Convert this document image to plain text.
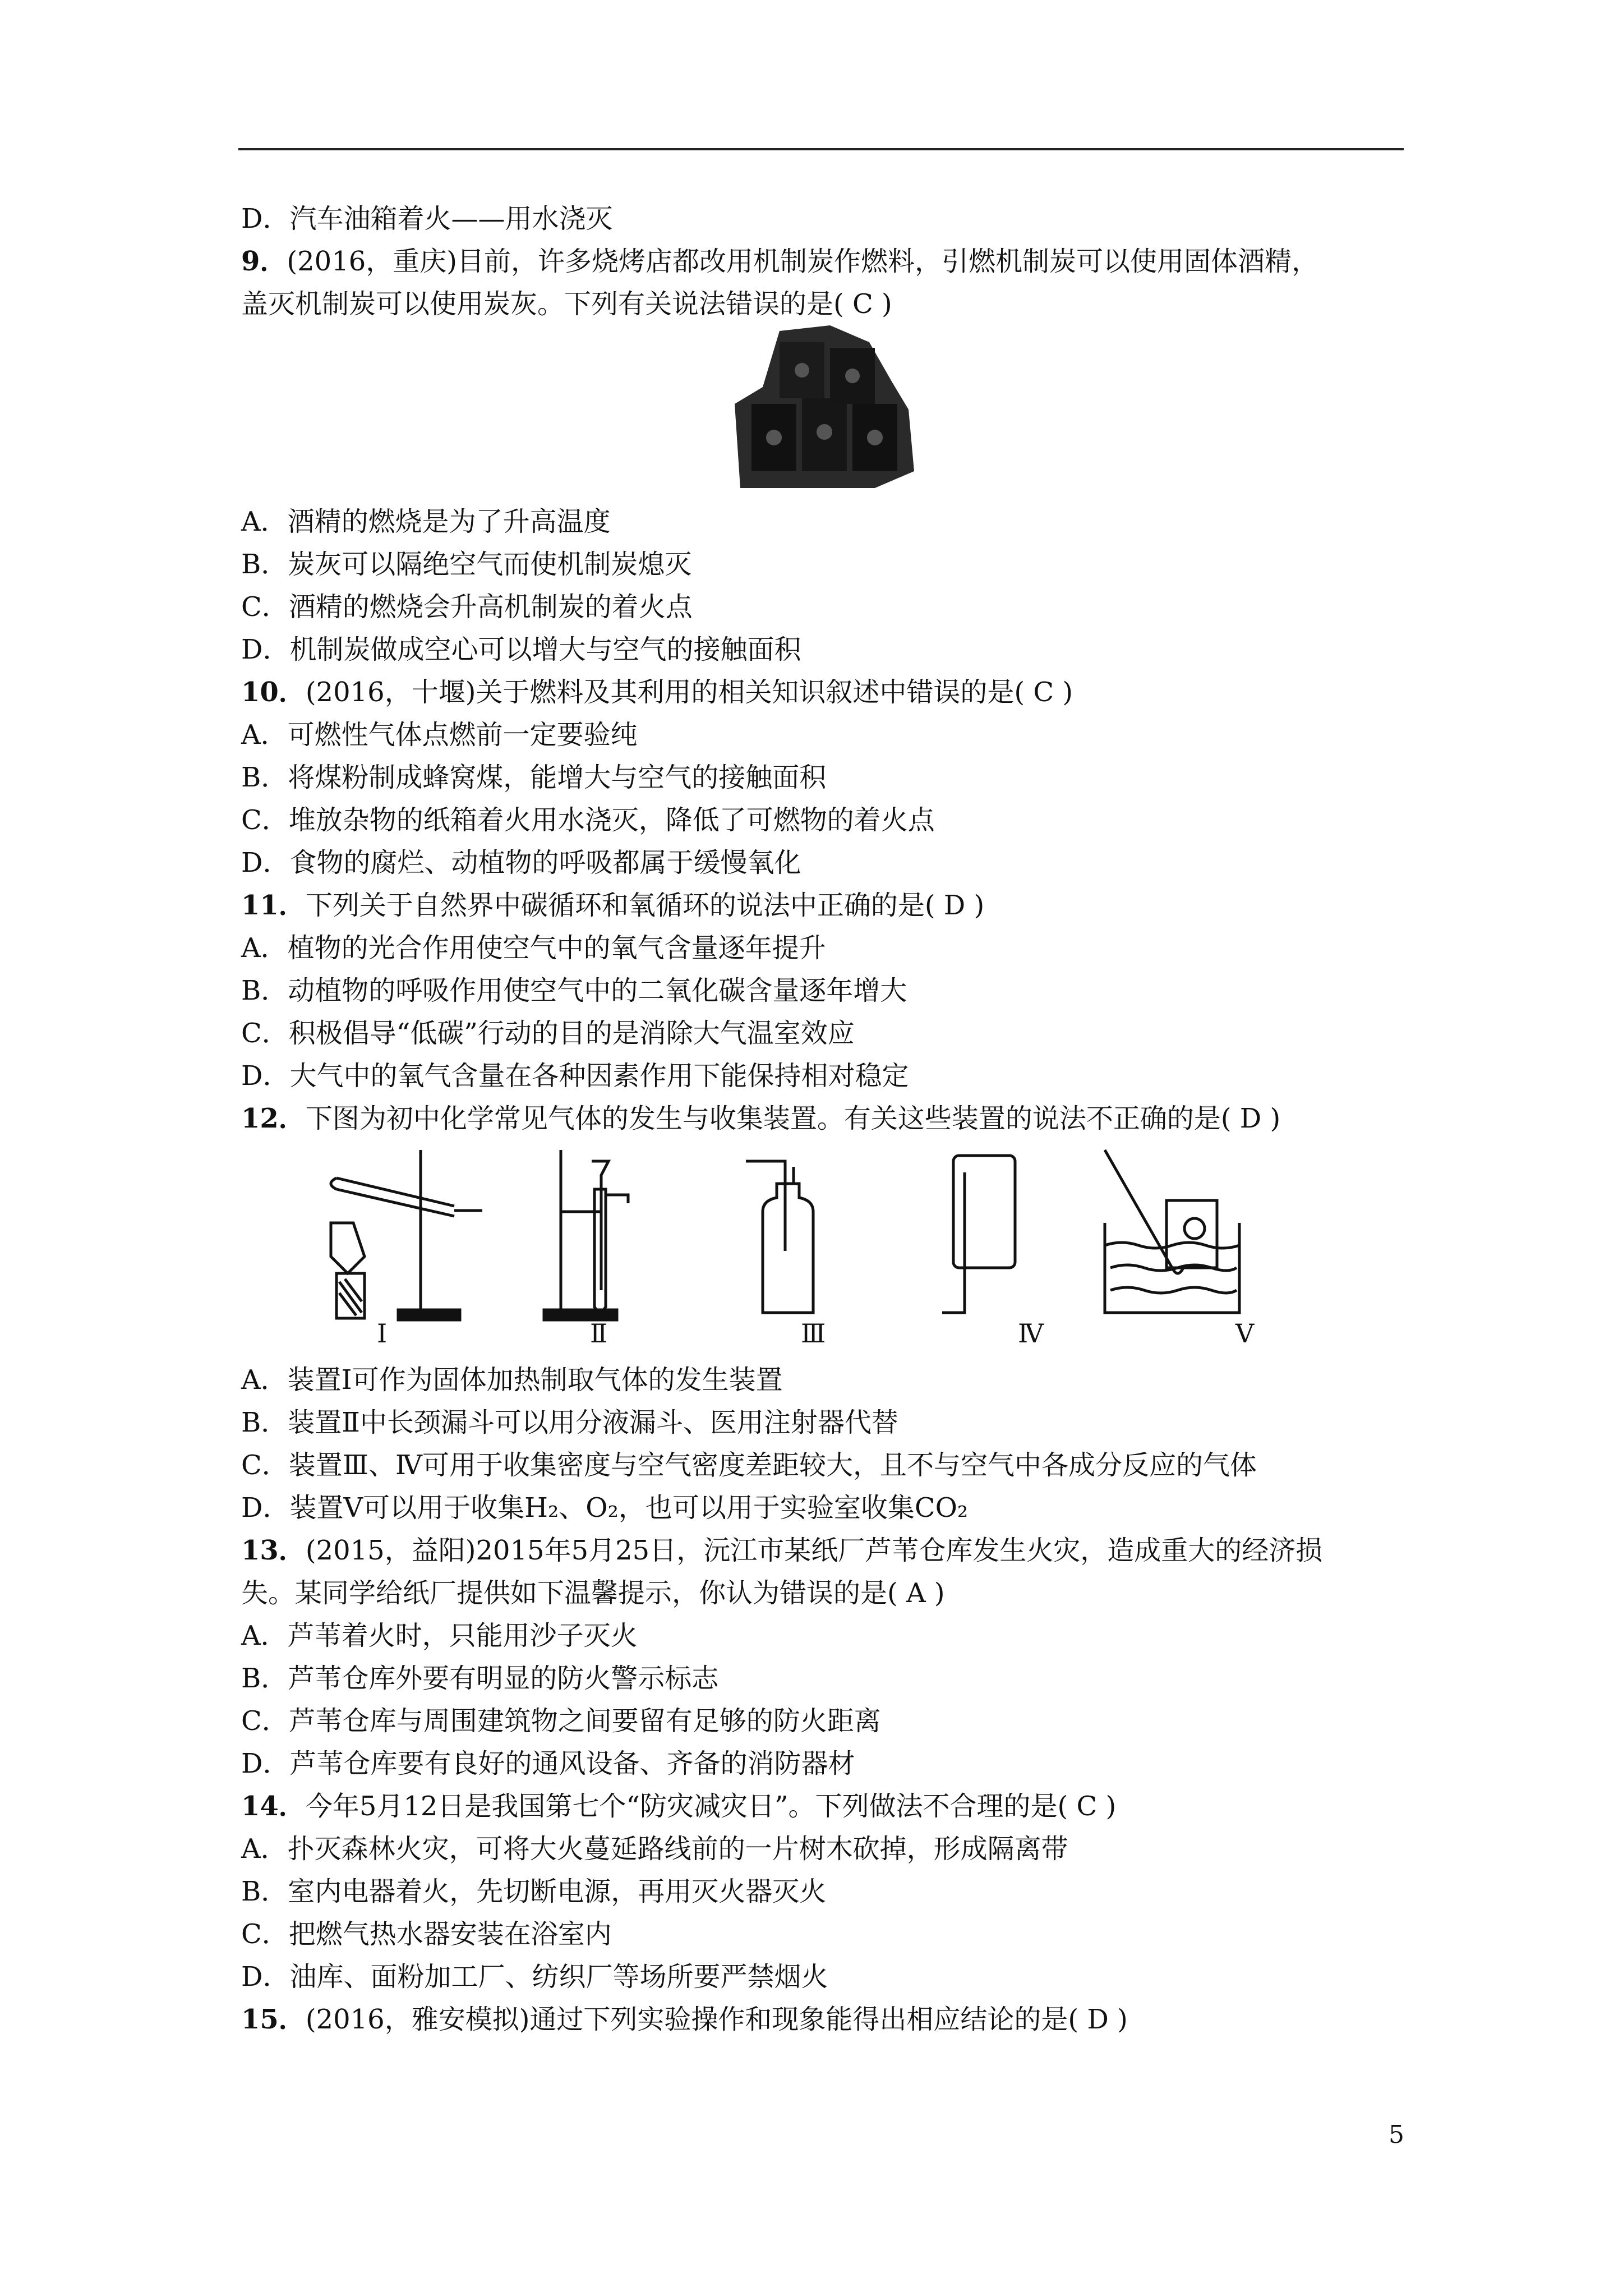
D．汽车油箱着火——用水浇灭
9．(2016，重庆)目前，许多烧烤店都改用机制炭作燃料，引燃机制炭可以使用固体酒精，
盖灭机制炭可以使用炭灰。下列有关说法错误的是( C )
A．酒精的燃烧是为了升高温度
B．炭灰可以隔绝空气而使机制炭熄灭
C．酒精的燃烧会升高机制炭的着火点
D．机制炭做成空心可以增大与空气的接触面积
10．(2016，十堰)关于燃料及其利用的相关知识叙述中错误的是( C )
A．可燃性气体点燃前一定要验纯
B．将煤粉制成蜂窝煤，能增大与空气的接触面积
C．堆放杂物的纸箱着火用水浇灭，降低了可燃物的着火点
D．食物的腐烂、动植物的呼吸都属于缓慢氧化
11．下列关于自然界中碳循环和氧循环的说法中正确的是( D )
A．植物的光合作用使空气中的氧气含量逐年提升
B．动植物的呼吸作用使空气中的二氧化碳含量逐年增大
C．积极倡导“低碳”行动的目的是消除大气温室效应
D．大气中的氧气含量在各种因素作用下能保持相对稳定
12．下图为初中化学常见气体的发生与收集装置。有关这些装置的说法不正确的是( D )
Ⅰ	Ⅱ	Ⅲ	Ⅳ	Ⅴ
A．装置Ⅰ可作为固体加热制取气体的发生装置
B．装置Ⅱ中长颈漏斗可以用分液漏斗、医用注射器代替
C．装置Ⅲ、Ⅳ可用于收集密度与空气密度差距较大，且不与空气中各成分反应的气体
D．装置Ⅴ可以用于收集H₂、O₂，也可以用于实验室收集CO₂
13．(2015，益阳)2015年5月25日，沅江市某纸厂芦苇仓库发生火灾，造成重大的经济损
失。某同学给纸厂提供如下温馨提示，你认为错误的是( A )
A．芦苇着火时，只能用沙子灭火
B．芦苇仓库外要有明显的防火警示标志
C．芦苇仓库与周围建筑物之间要留有足够的防火距离
D．芦苇仓库要有良好的通风设备、齐备的消防器材
14．今年5月12日是我国第七个“防灾减灾日”。下列做法不合理的是( C )
A．扑灭森林火灾，可将大火蔓延路线前的一片树木砍掉，形成隔离带
B．室内电器着火，先切断电源，再用灭火器灭火
C．把燃气热水器安装在浴室内
D．油库、面粉加工厂、纺织厂等场所要严禁烟火
15．(2016，雅安模拟)通过下列实验操作和现象能得出相应结论的是( D )
5
